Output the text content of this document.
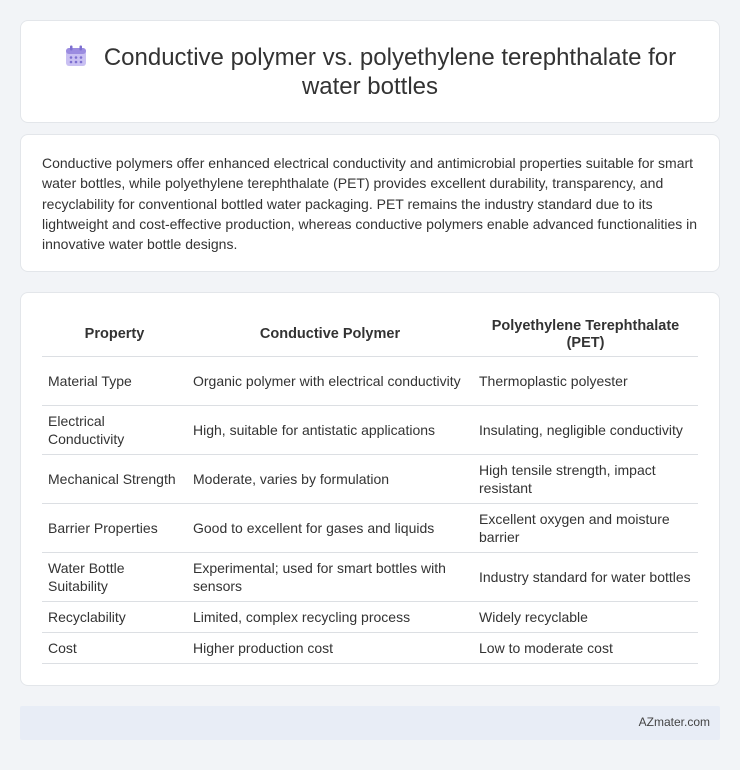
Conductive polymer vs. polyethylene terephthalate for
water bottles

Conductive polymers offer enhanced electrical conductivity and antimicrobial properties suitable for smart water bottles, while polyethylene terephthalate (PET) provides excellent durability, transparency, and recyclability for conventional bottled water packaging. PET remains the industry standard due to its lightweight and cost-effective production, whereas conductive polymers enable advanced functionalities in innovative water bottle designs.

Property	Conductive Polymer	Polyethylene Terephthalate (PET)
Material Type	Organic polymer with electrical conductivity	Thermoplastic polyester
Electrical Conductivity	High, suitable for antistatic applications	Insulating, negligible conductivity
Mechanical Strength	Moderate, varies by formulation	High tensile strength, impact resistant
Barrier Properties	Good to excellent for gases and liquids	Excellent oxygen and moisture barrier
Water Bottle Suitability	Experimental; used for smart bottles with sensors	Industry standard for water bottles
Recyclability	Limited, complex recycling process	Widely recyclable
Cost	Higher production cost	Low to moderate cost
AZmater.com
